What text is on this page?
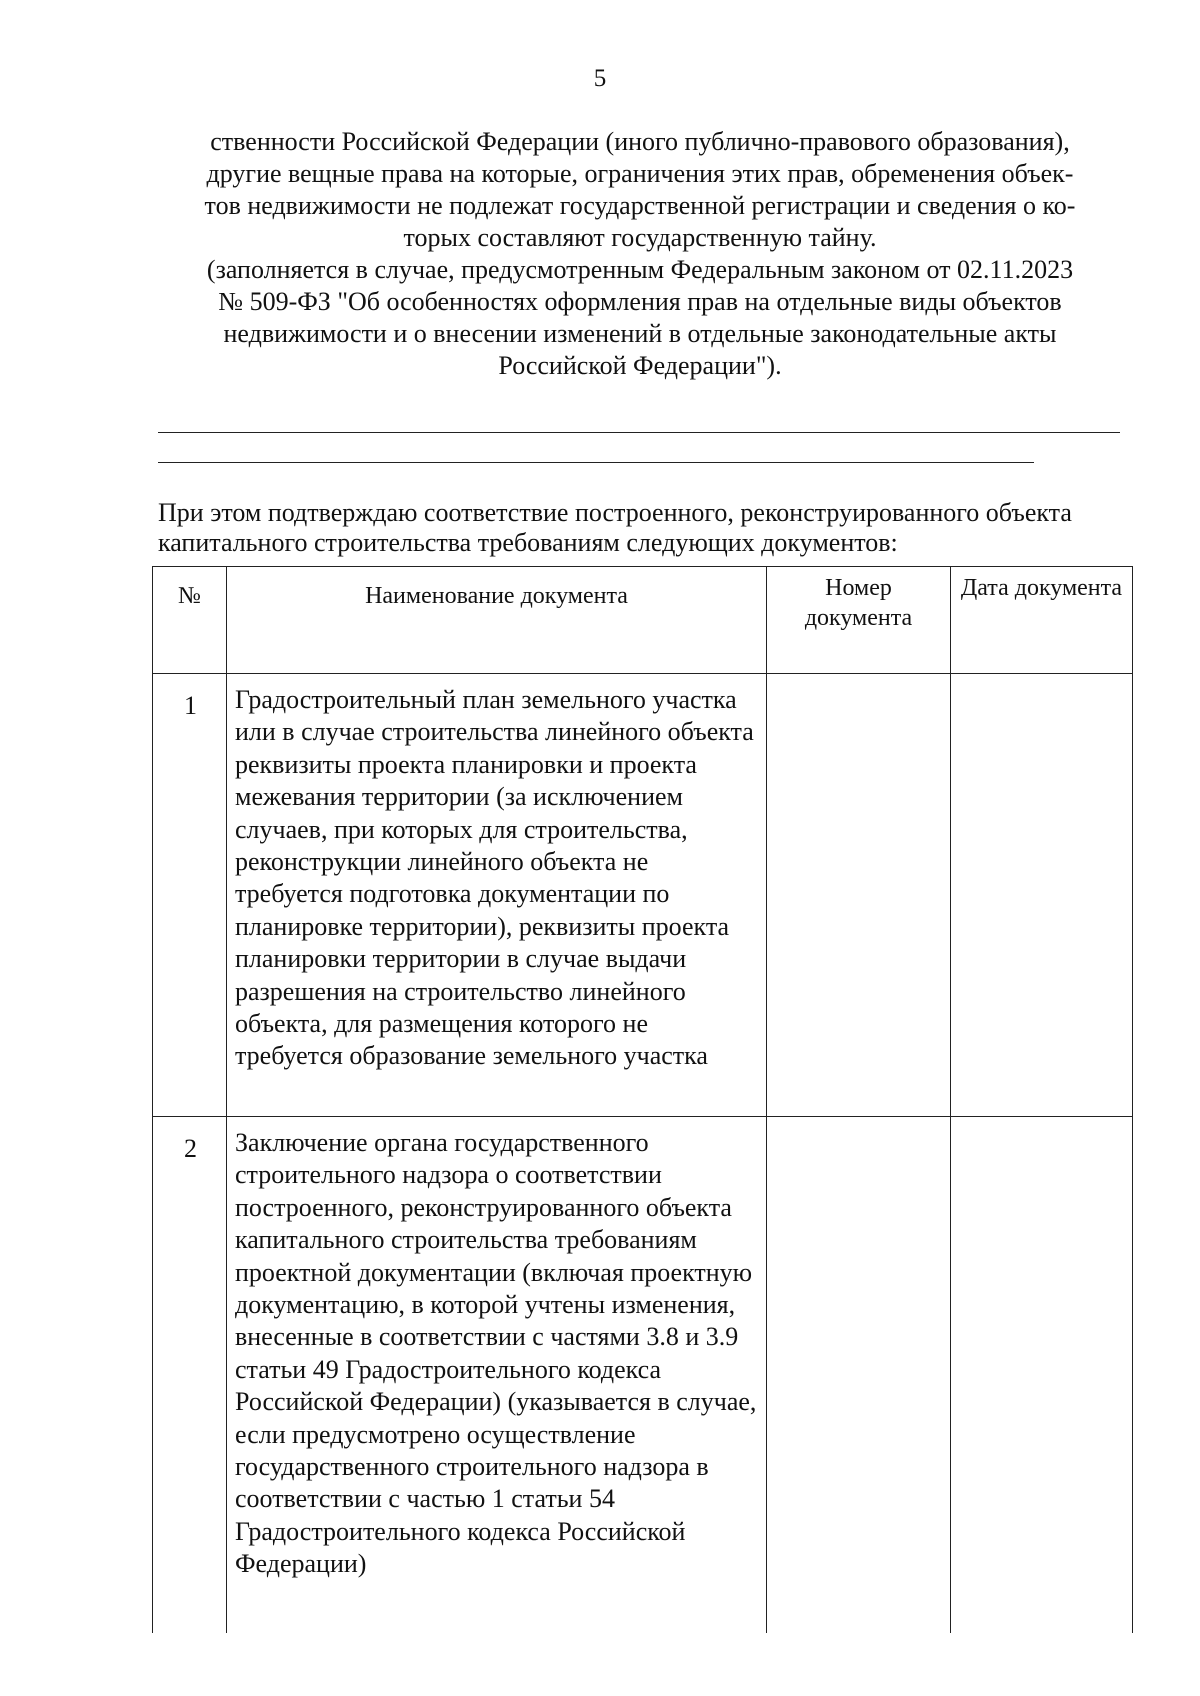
5

ственности Российской Федерации (иного публично-правового образования),

другие вещные права на которые, ограничения этих прав, обременения объек-

тов недвижимости не подлежат государственной регистрации и сведения о ко-

торых составляют государственную тайну.

(заполняется в случае, предусмотренным Федеральным законом от 02.11.2023

№ 509-ФЗ "Об особенностях оформления прав на отдельные виды объектов

недвижимости и о внесении изменений в отдельные законодательные акты

Российской Федерации").

При этом подтверждаю соответствие построенного, реконструированного объекта капитального строительства требованиям следующих документов:

№	Наименование документа	Номер документа	Дата документа
1	Градостроительный план земельного участка или в случае строительства линейного объекта реквизиты проекта планировки и проекта межевания территории (за исключением случаев, при которых для строительства, реконструкции линейного объекта не требуется подготовка документации по планировке территории), реквизиты проекта планировки территории в случае выдачи разрешения на строительство линейного объекта, для размещения которого не требуется образование земельного участка		
2	Заключение органа государственного строительного надзора о соответствии построенного, реконструированного объекта капитального строительства требованиям проектной документации (включая проектную документацию, в которой учтены изменения, внесенные в соответствии с частями 3.8 и 3.9 статьи 49 Градостроительного кодекса Российской Федерации) (указывается в случае, если предусмотрено осуществление государственного строительного надзора в соответствии с частью 1 статьи 54 Градостроительного кодекса Российской Федерации)		
